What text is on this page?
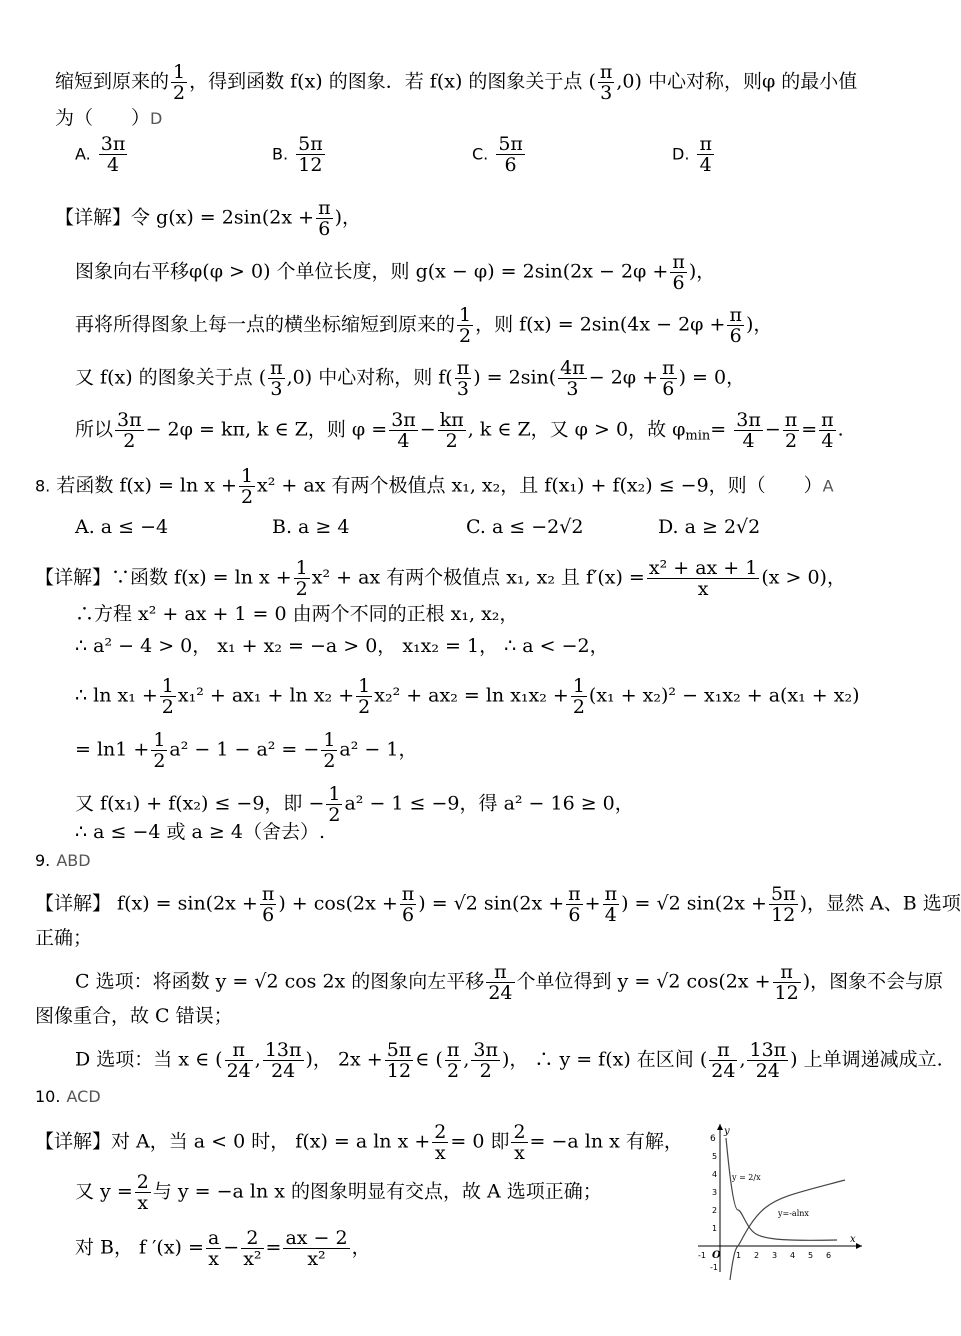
缩短到原来的 $\frac{1}{2}$ ，得到函数 f(x) 的图象．若 f(x) 的图象关于点 ( $\frac{\pi}{3} ,0$) 中心对称，则φ 的最小值
为（　　）D
A. $\frac{3\pi}{4}$	B. $\frac{5\pi}{12}$	C. $\frac{5\pi}{6}$	D. $\frac{\pi}{4}$
【详解】令 $g(x) = 2\sin(2x + \frac{\pi}{6}$ )，
图象向右平移φ(φ > 0) 个单位长度，则 $g(x - \varphi) = 2\sin(2x - 2\varphi + \frac{\pi}{6}$ )，
再将所得图象上每一点的横坐标缩短到原来的 $\frac{1}{2}$ ，则 $f(x) = 2\sin(4x - 2\varphi + \frac{\pi}{6}$ )，
又 f(x) 的图象关于点 ( $\frac{\pi}{3} ,0$) 中心对称，则 $f( \frac{\pi}{3}$ ) = $2\sin( \frac{4\pi}{3} - 2\varphi + \frac{\pi}{6}$ ) = 0，
所以 $\frac{3\pi}{2} - 2\varphi = k\pi$, k ∈ Z，则 $\varphi = \frac{3\pi}{4} - \frac{k\pi}{2}$ , k ∈ Z，又 φ > 0，故 $\varphi_{min}= \frac{3\pi}{4} - \frac{\pi}{2} = \frac{\pi}{4}$ .
8. 若函数 $f(x) = \ln x + \frac{1}{2} x^2$ + ax 有两个极值点 x₁, x₂，且 f(x₁) + f(x₂) ≤ −9，则（　　）A
A. a ≤ −4	B. a ≥ 4	C. a ≤ −2√2	D. a ≥ 2√2
【详解】∵函数 $f(x) = \ln x + \frac{1}{2} x^2$ + ax 有两个极值点 x₁, x₂ 且 $f'(x) = \frac{\text{x² + ax + 1}}{x} (x > 0)$，
∴方程 x² + ax + 1 = 0 由两个不同的正根 x₁, x₂，
∴ a² − 4 > 0， x₁ + x₂ = −a > 0， x₁x₂ = 1， ∴ a < −2，
∴ $\ln x_1 + \frac{1}{2} x_1^2 + ax_1 + \ln x_2 + \frac{1}{2} x_2^2 + ax_2 = \ln x_1x_2 + \frac{1}{2} (x_1 + x_2)^2 - x_1x_2 + a(x_1 + x_2)$
= $\ln 1 + \frac{1}{2} a^2 - 1 - a^2$ = − $\frac{1}{2} a^2 - 1$，
又 f(x₁) + f(x₂) ≤ −9，即 − $\frac{1}{2} a^2 - 1 \le -9$，得 a² − 16 ≥ 0，
∴ a ≤ −4 或 a ≥ 4（舍去）.
9. ABD
【详解】 $f(x) = \sin(2x + \frac{\pi}{6}$ ) + $\cos(2x + \frac{\pi}{6}$ ) = √2 $\sin(2x + \frac{\pi}{6} + \frac{\pi}{4}$ ) = √2 $\sin(2x + \frac{5\pi}{12}$ )，显然 A、B 选项
正确；
C 选项：将函数 y = √2 cos 2x 的图象向左平移 $\frac{\pi}{24}$ 个单位得到 y = √2 $\cos(2x + \frac{\pi}{12}$ )，图象不会与原
图像重合，故 C 错误；
D 选项：当 x ∈ ( $\frac{\pi}{24}$ , $\frac{13\pi}{24}$ )， $2x + \frac{5\pi}{12}$ ∈ ( $\frac{\pi}{2}$ , $\frac{3\pi}{2}$ )， ∴ y = f(x) 在区间 ( $\frac{\pi}{24}$ , $\frac{13\pi}{24}$ ) 上单调递减成立.
10. ACD
【详解】对 A，当 a < 0 时， f(x) = a $\ln x + \frac{2}{x} = 0$ 即 $\frac{2}{x} = -a$ ln x 有解，
又 $y = \frac{2}{x}$ 与 y = −a ln x 的图象明显有交点，故 A 选项正确；
对 B， f $'(x) = \frac{a}{x} - \frac{2}{\text{x²}} = \frac{ax - 2}{\text{x²}}$ ，
y
x
O
y = 2/x
y=-alnx
-1	1 2 3 4 5 6
1
2
3
4
5
6
-1
